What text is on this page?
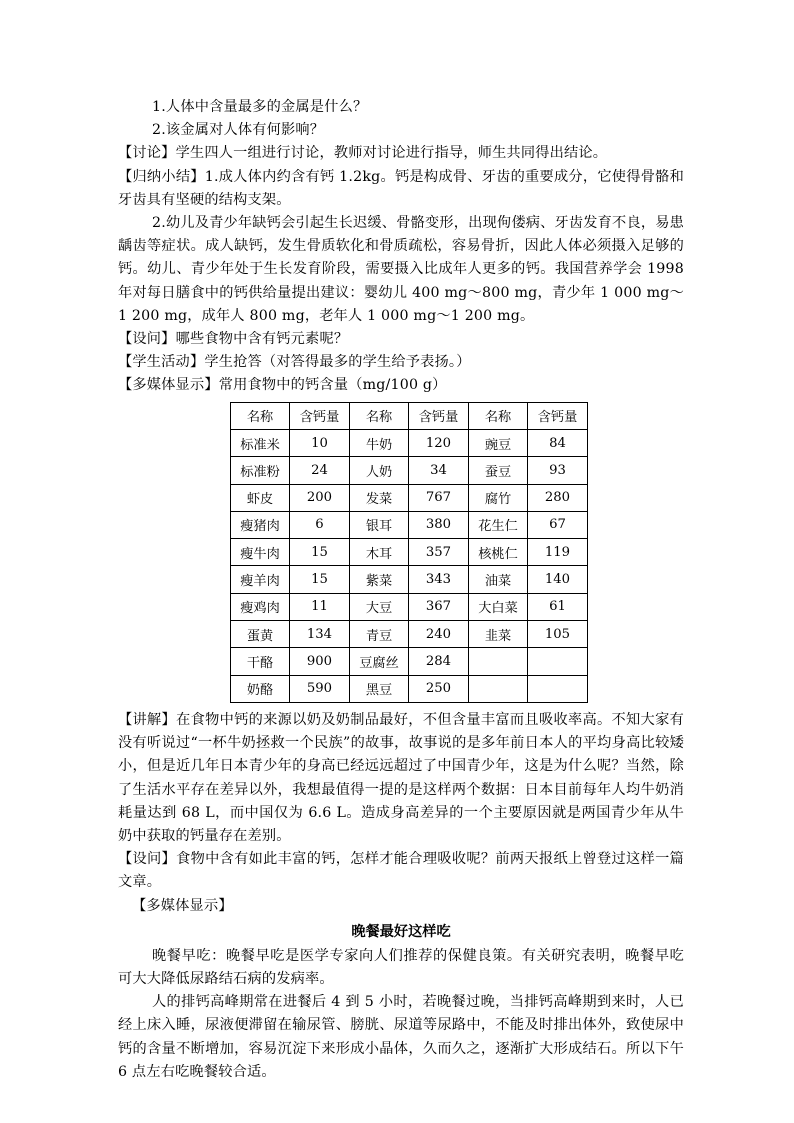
1.人体中含量最多的金属是什么？

2.该金属对人体有何影响？

【讨论】学生四人一组进行讨论，教师对讨论进行指导，师生共同得出结论。

【归纳小结】1.成人体内约含有钙 1.2kg。钙是构成骨、牙齿的重要成分，它使得骨骼和牙齿具有坚硬的结构支架。

2.幼儿及青少年缺钙会引起生长迟缓、骨骼变形，出现佝偻病、牙齿发育不良，易患龋齿等症状。成人缺钙，发生骨质软化和骨质疏松，容易骨折，因此人体必须摄入足够的钙。幼儿、青少年处于生长发育阶段，需要摄入比成年人更多的钙。我国营养学会 1998 年对每日膳食中的钙供给量提出建议：婴幼儿 400 mg～800 mg，青少年 1 000 mg～1 200 mg，成年人 800 mg，老年人 1 000 mg～1 200 mg。

【设问】哪些食物中含有钙元素呢？

【学生活动】学生抢答（对答得最多的学生给予表扬。）

【多媒体显示】常用食物中的钙含量（mg/100 g）

名称	含钙量	名称	含钙量	名称	含钙量
标准米	10	牛奶	120	豌豆	84
标准粉	24	人奶	34	蚕豆	93
虾皮	200	发菜	767	腐竹	280
瘦猪肉	6	银耳	380	花生仁	67
瘦牛肉	15	木耳	357	核桃仁	119
瘦羊肉	15	紫菜	343	油菜	140
瘦鸡肉	11	大豆	367	大白菜	61
蛋黄	134	青豆	240	韭菜	105
干酪	900	豆腐丝	284		
奶酪	590	黑豆	250		

【讲解】在食物中钙的来源以奶及奶制品最好，不但含量丰富而且吸收率高。不知大家有没有听说过“一杯牛奶拯救一个民族”的故事，故事说的是多年前日本人的平均身高比较矮小，但是近几年日本青少年的身高已经远远超过了中国青少年，这是为什么呢？当然，除了生活水平存在差异以外，我想最值得一提的是这样两个数据：日本目前每年人均牛奶消耗量达到 68 L，而中国仅为 6.6 L。造成身高差异的一个主要原因就是两国青少年从牛奶中获取的钙量存在差别。

【设问】食物中含有如此丰富的钙，怎样才能合理吸收呢？前两天报纸上曾登过这样一篇文章。

【多媒体显示】

晚餐最好这样吃

晚餐早吃：晚餐早吃是医学专家向人们推荐的保健良策。有关研究表明，晚餐早吃可大大降低尿路结石病的发病率。

人的排钙高峰期常在进餐后 4 到 5 小时，若晚餐过晚，当排钙高峰期到来时，人已经上床入睡，尿液便滞留在输尿管、膀胱、尿道等尿路中，不能及时排出体外，致使尿中钙的含量不断增加，容易沉淀下来形成小晶体，久而久之，逐渐扩大形成结石。所以下午 6 点左右吃晚餐较合适。
